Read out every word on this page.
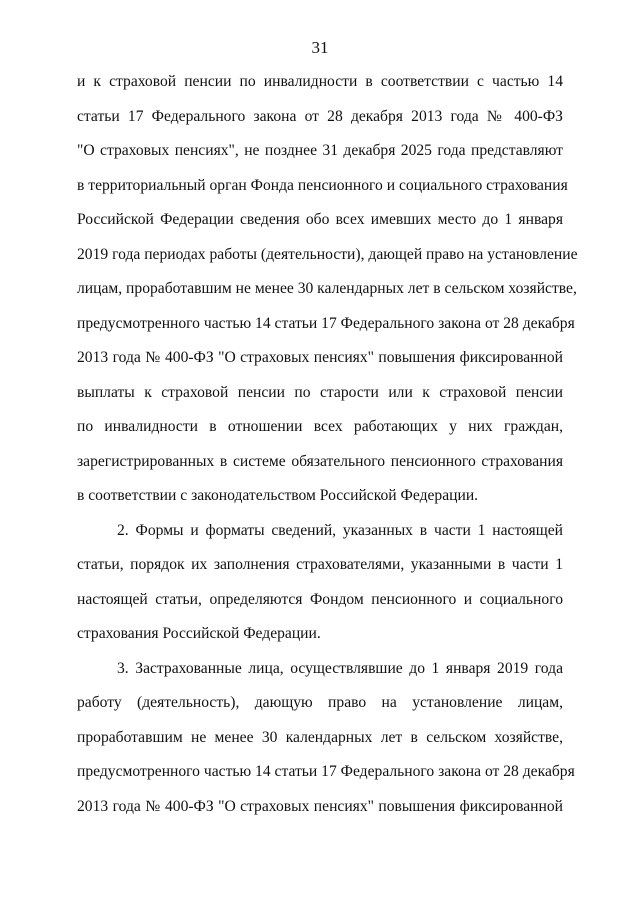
31
и к страховой пенсии по инвалидности в соответствии с частью 14
статьи 17 Федерального закона от 28 декабря 2013 года № 400-ФЗ
"О страховых пенсиях", не позднее 31 декабря 2025 года представляют
в территориальный орган Фонда пенсионного и социального страхования
Российской Федерации сведения обо всех имевших место до 1 января
2019 года периодах работы (деятельности), дающей право на установление
лицам, проработавшим не менее 30 календарных лет в сельском хозяйстве,
предусмотренного частью 14 статьи 17 Федерального закона от 28 декабря
2013 года № 400-ФЗ "О страховых пенсиях" повышения фиксированной
выплаты к страховой пенсии по старости или к страховой пенсии
по инвалидности в отношении всех работающих у них граждан,
зарегистрированных в системе обязательного пенсионного страхования
в соответствии с законодательством Российской Федерации.
2. Формы и форматы сведений, указанных в части 1 настоящей
статьи, порядок их заполнения страхователями, указанными в части 1
настоящей статьи, определяются Фондом пенсионного и социального
страхования Российской Федерации.
3. Застрахованные лица, осуществлявшие до 1 января 2019 года
работу (деятельность), дающую право на установление лицам,
проработавшим не менее 30 календарных лет в сельском хозяйстве,
предусмотренного частью 14 статьи 17 Федерального закона от 28 декабря
2013 года № 400-ФЗ "О страховых пенсиях" повышения фиксированной
